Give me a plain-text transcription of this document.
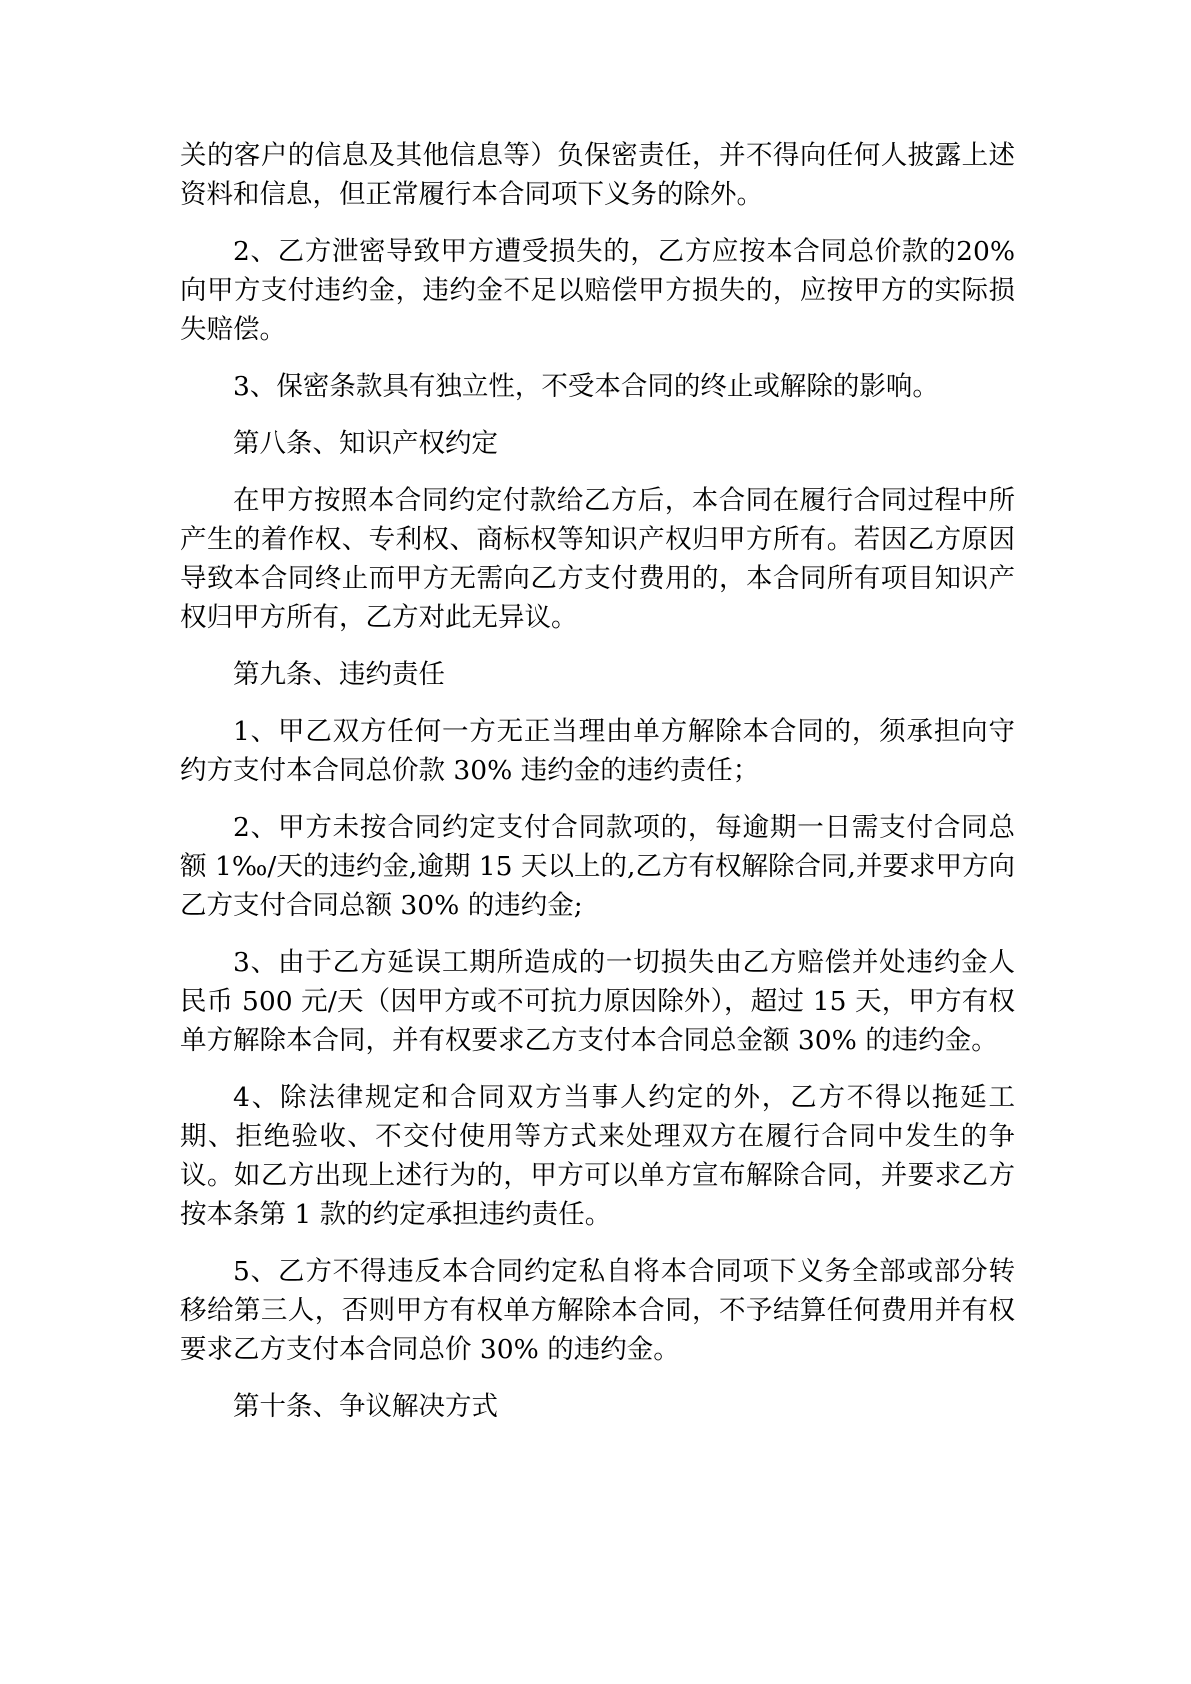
关的客户的信息及其他信息等）负保密责任，并不得向任何人披露上述资料和信息，但正常履行本合同项下义务的除外。
2、乙方泄密导致甲方遭受损失的，乙方应按本合同总价款的20% 向甲方支付违约金，违约金不足以赔偿甲方损失的，应按甲方的实际损失赔偿。
3、保密条款具有独立性，不受本合同的终止或解除的影响。
第八条、知识产权约定
在甲方按照本合同约定付款给乙方后，本合同在履行合同过程中所产生的着作权、专利权、商标权等知识产权归甲方所有。若因乙方原因导致本合同终止而甲方无需向乙方支付费用的，本合同所有项目知识产权归甲方所有，乙方对此无异议。
第九条、违约责任
1、甲乙双方任何一方无正当理由单方解除本合同的，须承担向守约方支付本合同总价款 30% 违约金的违约责任；
2、甲方未按合同约定支付合同款项的，每逾期一日需支付合同总额 1‰/天的违约金,逾期 15 天以上的,乙方有权解除合同,并要求甲方向乙方支付合同总额 30% 的违约金;
3、由于乙方延误工期所造成的一切损失由乙方赔偿并处违约金人民币 500 元/天（因甲方或不可抗力原因除外），超过 15 天，甲方有权单方解除本合同，并有权要求乙方支付本合同总金额 30% 的违约金。
4、除法律规定和合同双方当事人约定的外，乙方不得以拖延工期、拒绝验收、不交付使用等方式来处理双方在履行合同中发生的争议。如乙方出现上述行为的，甲方可以单方宣布解除合同，并要求乙方按本条第 1 款的约定承担违约责任。
5、乙方不得违反本合同约定私自将本合同项下义务全部或部分转移给第三人，否则甲方有权单方解除本合同，不予结算任何费用并有权要求乙方支付本合同总价 30% 的违约金。
第十条、争议解决方式
